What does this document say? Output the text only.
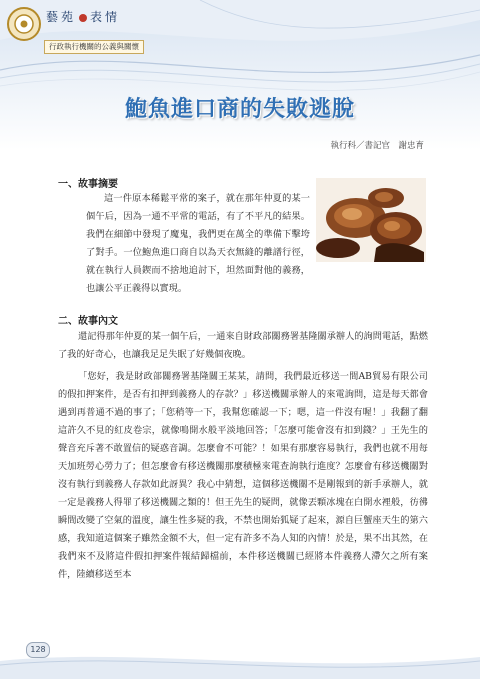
藝苑 表情
行政執行機關的公義與關懷
鮑魚進口商的失敗逃脫
執行科／書記官　謝忠育
一、故事摘要

這一件原本稀鬆平常的案子，就在那年仲夏的某一個午后，因為一通不平常的電話，有了不平凡的結果。我們在細節中發現了魔鬼，我們更在萬全的準備下擊垮了對手。一位鮑魚進口商自以為天衣無縫的離譜行徑，就在執行人員鍥而不捨地追討下，坦然面對他的義務，也讓公平正義得以實現。

二、故事內文

還記得那年仲夏的某一個午后，一通來自財政部關務署基隆關承辦人的詢問電話，點燃了我的好奇心，也讓我足足失眠了好幾個夜晚。

「您好，我是財政部關務署基隆關王某某，請問，我們最近移送一間AB貿易有限公司的假扣押案件，是否有扣押到義務人的存款？」移送機關承辦人的來電詢問，這是每天都會遇到再普通不過的事了；「您稍等一下，我幫您確認一下；嗯，這一件沒有喔！」我翻了翻這許久不見的紅皮卷宗，就像鳴開水般平淡地回答；「怎麼可能會沒有扣到錢？」王先生的聲音充斥著不敢置信的疑惑音調。怎麼會不可能？！如果有那麼容易執行，我們也就不用每天加班勞心勞力了；但怎麼會有移送機關那麼積極來電查詢執行進度？怎麼會有移送機關對沒有執行到義務人存款如此訝異？我心中猜想，這個移送機關不是剛報到的新手承辦人，就一定是義務人得罪了移送機關之類的！但王先生的疑問，就像丟顆冰塊在白開水裡般，彷彿瞬間改變了空氣的溫度，讓生性多疑的我，不禁也開始狐疑了起來，源自巨蟹座天生的第六感，我知道這個案子雖然金額不大，但一定有許多不為人知的內情！於是，果不出其然，在我們來不及將這件假扣押案件報結歸檔前，本件移送機關已經將本件義務人滯欠之所有案件，陸續移送至本

128
